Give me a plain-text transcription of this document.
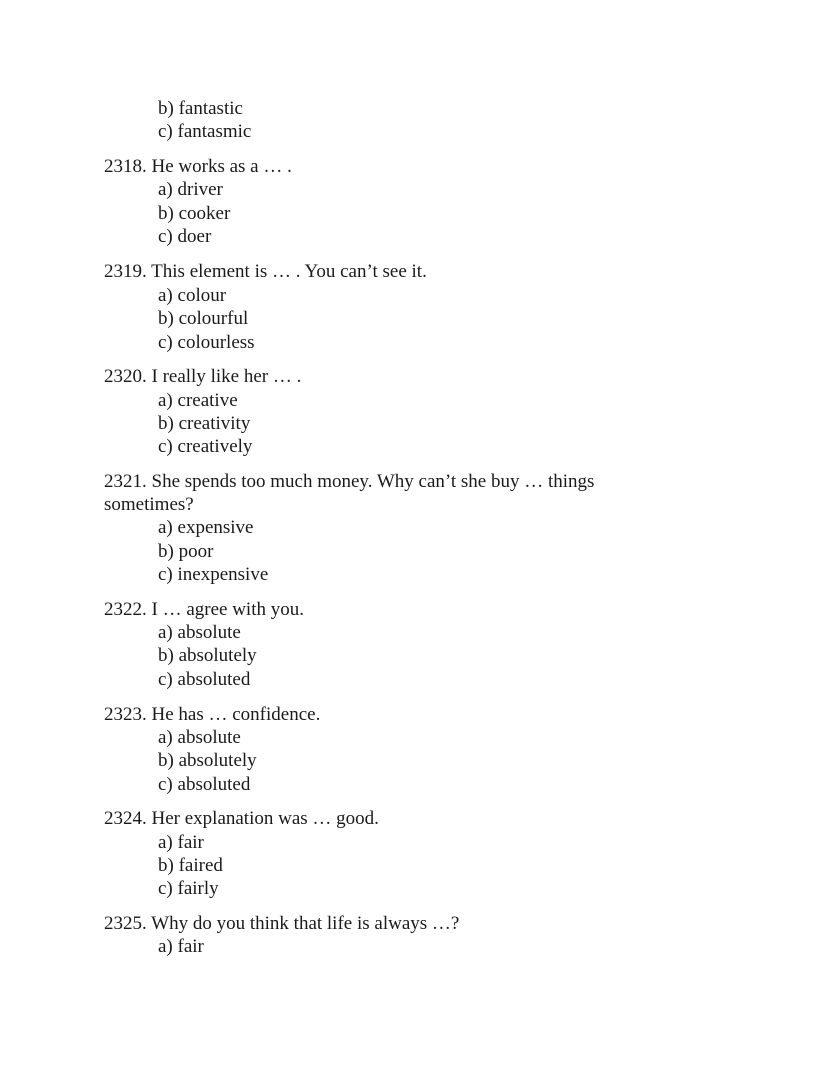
b) fantastic
c) fantasmic
2318. He works as a … .
a) driver
b) cooker
c) doer
2319. This element is … . You can’t see it.
a) colour
b) colourful
c) colourless
2320. I really like her … .
a) creative
b) creativity
c) creatively
2321. She spends too much money. Why can’t she buy … things
sometimes?
a) expensive
b) poor
c) inexpensive
2322. I … agree with you.
a) absolute
b) absolutely
c) absoluted
2323. He has … confidence.
a) absolute
b) absolutely
c) absoluted
2324. Her explanation was … good.
a) fair
b) faired
c) fairly
2325. Why do you think that life is always …?
a) fair
